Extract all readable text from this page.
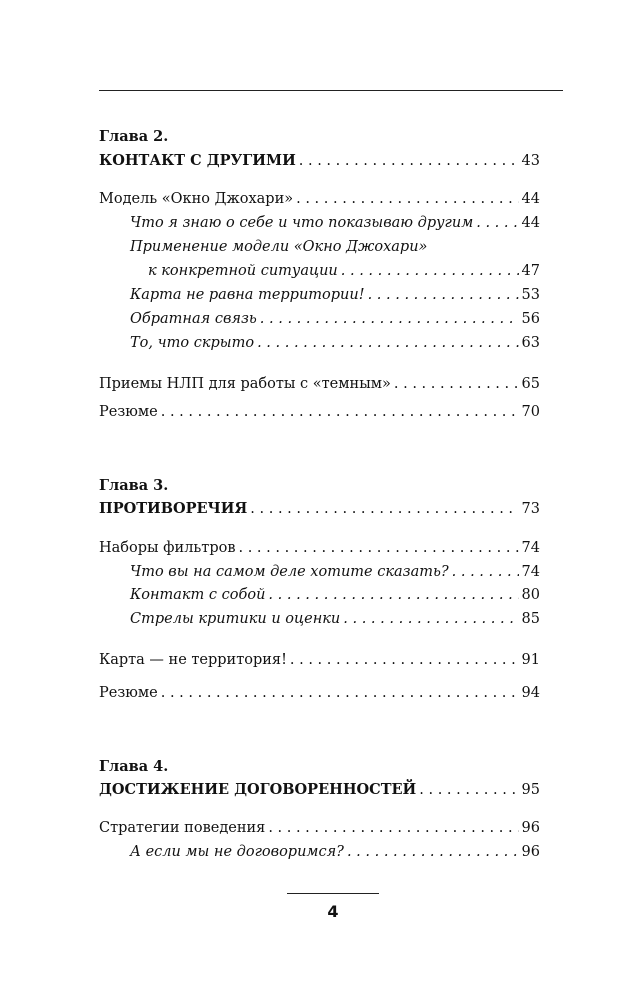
Глава 2.
КОНТАКТ С ДРУГИМИ . . .	43
Модель «Окно Джохари» . . .	44
Что я знаю о себе и что показываю другим . . .	44
Применение модели «Окно Джохари»
к конкретной ситуации . . .	47
Карта не равна территории! . . .	53
Обратная связь . . .	56
То, что скрыто . . .	63
Приемы НЛП для работы с «темным» . . .	65
Резюме . . .	70
Глава 3.
ПРОТИВОРЕЧИЯ . . .	73
Наборы фильтров . . .	74
Что вы на самом деле хотите сказать? . . .	74
Контакт с собой . . .	80
Стрелы критики и оценки . . .	85
Карта — не территория! . . .	91
Резюме . . .	94
Глава 4.
ДОСТИЖЕНИЕ ДОГОВОРЕННОСТЕЙ . . .	95
Стратегии поведения . . .	96
А если мы не договоримся? . . .	96
4
